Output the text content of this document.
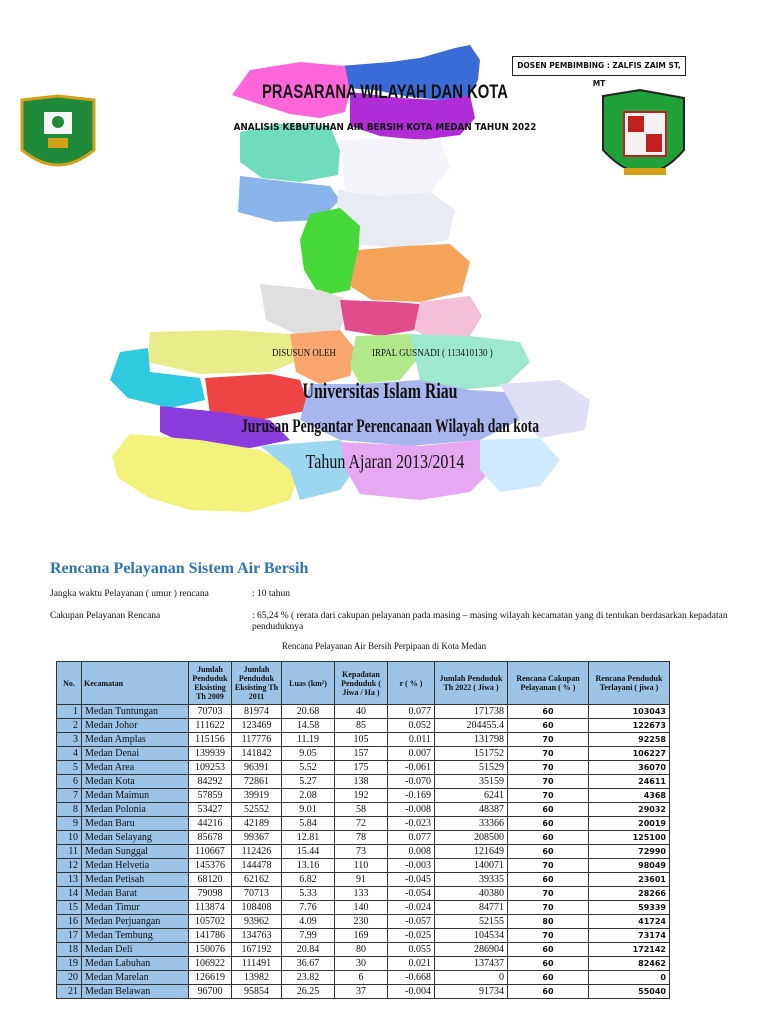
DOSEN PEMBIMBING : ZALFIS ZAIM ST, MT
PRASARANA WILAYAH DAN KOTA
ANALISIS KEBUTUHAN AIR BERSIH KOTA MEDAN TAHUN 2022
DISUSUN OLEH	IRPAL GUSNADI ( 113410130 )
Universitas Islam Riau
Jurusan Pengantar Perencanaan Wilayah dan kota
Tahun Ajaran 2013/2014
Rencana Pelayanan Sistem Air Bersih
Jangka waktu Pelayanan ( umur ) rencana	: 10 tahun
Cakupan Pelayanan Rencana	: 65,24 % ( rerata dari cakupan pelayanan pada masing – masing wilayah kecamatan yang di tentukan berdasarkan kepadatan penduduknya
Rencana Pelayanan Air Bersih Perpipaan di Kota Medan
No.	Kecamatan	Jumlah Penduduk Eksisting Th 2009	Jumlah Penduduk Eksisting Th 2011	Luas (km²)	Kepadatan Penduduk ( Jiwa / Ha )	r ( % )	Jumlah Penduduk Th 2022 ( Jiwa )	Rencana Cakupan Pelayanan ( % )	Rencana Penduduk Terlayani ( jiwa )
1	Medan Tuntungan	70703	81974	20.68	40	0.077	171738	60	103043
2	Medan Johor	111622	123469	14.58	85	0.052	204455.4	60	122673
3	Medan Amplas	115156	117776	11.19	105	0.011	131798	70	92258
4	Medan Denai	139939	141842	9.05	157	0.007	151752	70	106227
5	Medan Area	109253	96391	5.52	175	-0.061	51529	70	36070
6	Medan Kota	84292	72861	5.27	138	-0.070	35159	70	24611
7	Medan Maimun	57859	39919	2.08	192	-0.169	6241	70	4368
8	Medan Polonia	53427	52552	9.01	58	-0.008	48387	60	29032
9	Medan Baru	44216	42189	5.84	72	-0.023	33366	60	20019
10	Medan Selayang	85678	99367	12.81	78	0.077	208500	60	125100
11	Medan Sunggal	110667	112426	15.44	73	0.008	121649	60	72990
12	Medan Helvetia	145376	144478	13.16	110	-0.003	140071	70	98049
13	Medan Petisah	68120	62162	6.82	91	-0.045	39335	60	23601
14	Medan Barat	79098	70713	5.33	133	-0.054	40380	70	28266
15	Medan Timur	113874	108408	7.76	140	-0.024	84771	70	59339
16	Medan Perjuangan	105702	93962	4.09	230	-0.057	52155	80	41724
17	Medan Tembung	141786	134763	7.99	169	-0.025	104534	70	73174
18	Medan Deli	150076	167192	20.84	80	0.055	286904	60	172142
19	Medan Labuhan	106922	111491	36.67	30	0.021	137437	60	82462
20	Medan Marelan	126619	13982	23.82	6	-0.668	0	60	0
21	Medan Belawan	96700	95854	26.25	37	-0.004	91734	60	55040
